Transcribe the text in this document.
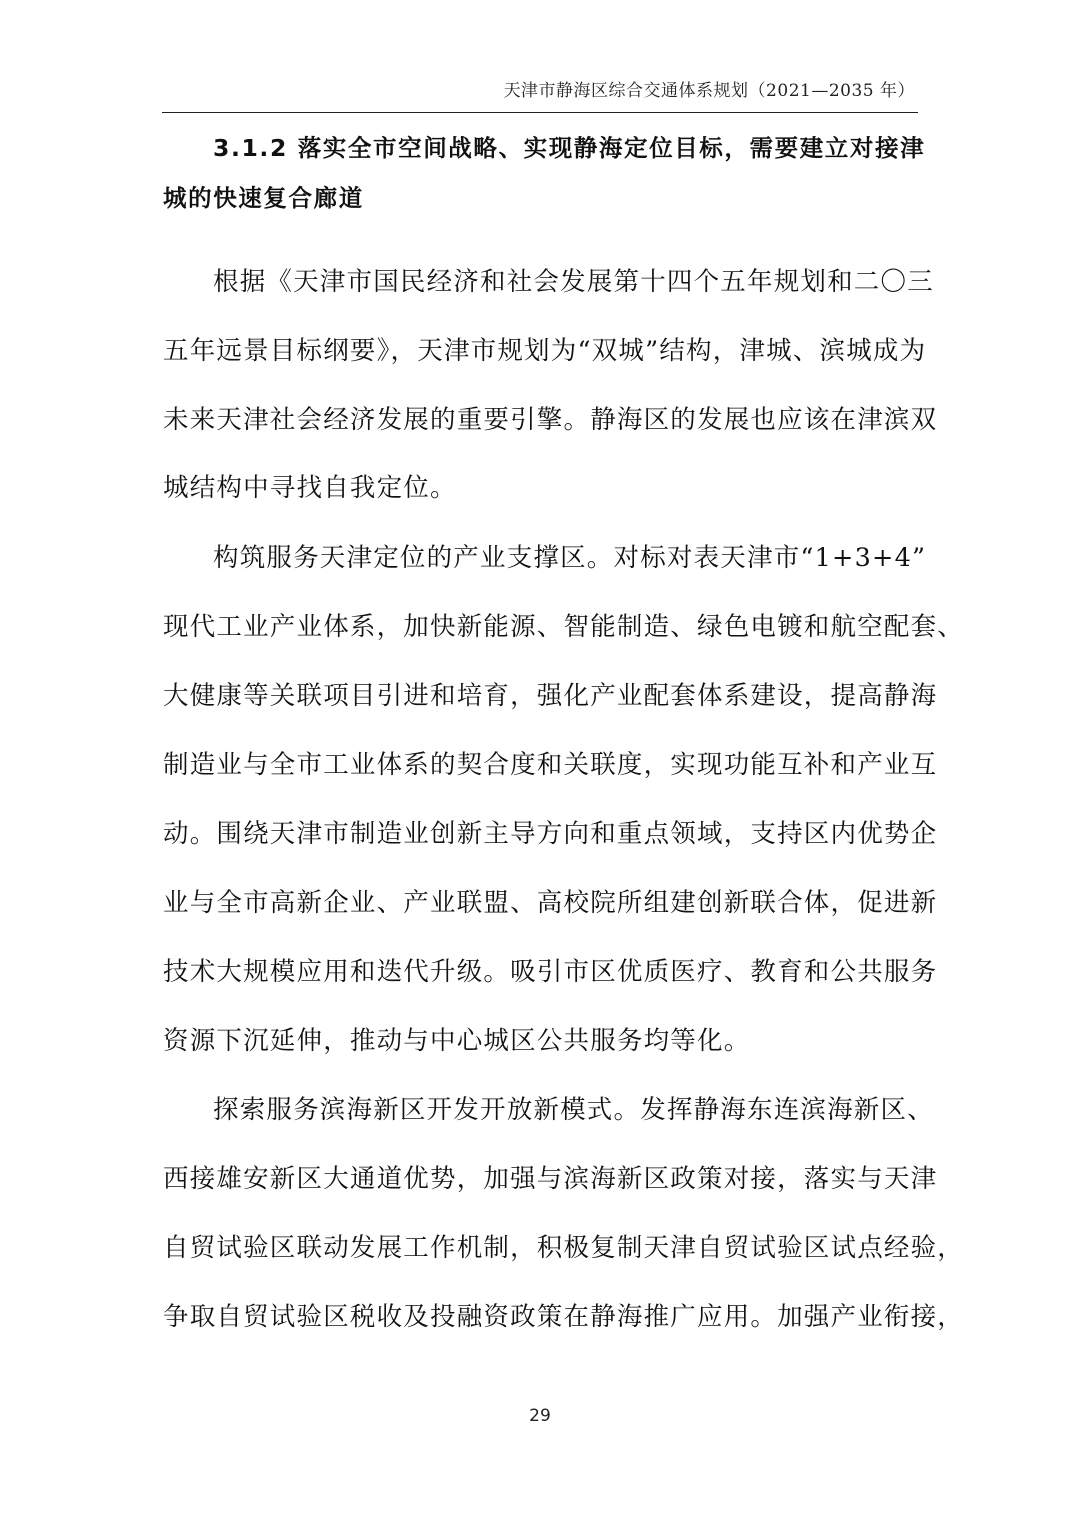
天津市静海区综合交通体系规划（2021—2035 年）
3.1.2 落实全市空间战略、实现静海定位目标，需要建立对接津
城的快速复合廊道
根据《天津市国民经济和社会发展第十四个五年规划和二〇三
五年远景目标纲要》，天津市规划为“双城”结构，津城、滨城成为
未来天津社会经济发展的重要引擎。静海区的发展也应该在津滨双
城结构中寻找自我定位。
构筑服务天津定位的产业支撑区。对标对表天津市“1+3+4”
现代工业产业体系，加快新能源、智能制造、绿色电镀和航空配套、
大健康等关联项目引进和培育，强化产业配套体系建设，提高静海
制造业与全市工业体系的契合度和关联度，实现功能互补和产业互
动。围绕天津市制造业创新主导方向和重点领域，支持区内优势企
业与全市高新企业、产业联盟、高校院所组建创新联合体，促进新
技术大规模应用和迭代升级。吸引市区优质医疗、教育和公共服务
资源下沉延伸，推动与中心城区公共服务均等化。
探索服务滨海新区开发开放新模式。发挥静海东连滨海新区、
西接雄安新区大通道优势，加强与滨海新区政策对接，落实与天津
自贸试验区联动发展工作机制，积极复制天津自贸试验区试点经验，
争取自贸试验区税收及投融资政策在静海推广应用。加强产业衔接，
29
